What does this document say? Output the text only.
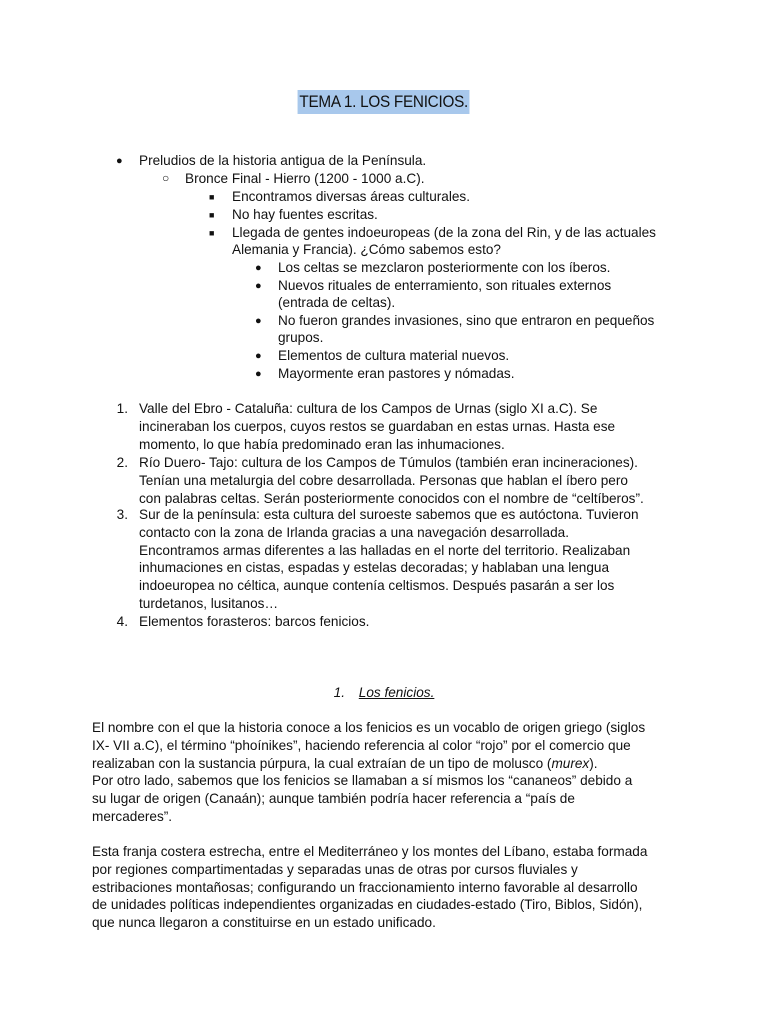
TEMA 1. LOS FENICIOS.
● Preludios de la historia antigua de la Península.
○ Bronce Final - Hierro (1200 - 1000 a.C).
■ Encontramos diversas áreas culturales.
■ No hay fuentes escritas.
■ Llegada de gentes indoeuropeas (de la zona del Rin, y de las actuales
Alemania y Francia). ¿Cómo sabemos esto?
● Los celtas se mezclaron posteriormente con los íberos.
● Nuevos rituales de enterramiento, son rituales externos
(entrada de celtas).
● No fueron grandes invasiones, sino que entraron en pequeños
grupos.
● Elementos de cultura material nuevos.
● Mayormente eran pastores y nómadas.
1. Valle del Ebro - Cataluña: cultura de los Campos de Urnas (siglo XI a.C). Se
incineraban los cuerpos, cuyos restos se guardaban en estas urnas. Hasta ese
momento, lo que había predominado eran las inhumaciones.
2. Río Duero- Tajo: cultura de los Campos de Túmulos (también eran incineraciones).
Tenían una metalurgia del cobre desarrollada. Personas que hablan el íbero pero
con palabras celtas. Serán posteriormente conocidos con el nombre de “celtíberos”.
3. Sur de la península: esta cultura del suroeste sabemos que es autóctona. Tuvieron
contacto con la zona de Irlanda gracias a una navegación desarrollada.
Encontramos armas diferentes a las halladas en el norte del territorio. Realizaban
inhumaciones en cistas, espadas y estelas decoradas; y hablaban una lengua
indoeuropea no céltica, aunque contenía celtismos. Después pasarán a ser los
turdetanos, lusitanos…
4. Elementos forasteros: barcos fenicios.
1. Los fenicios.
El nombre con el que la historia conoce a los fenicios es un vocablo de origen griego (siglos
IX- VII a.C), el término “phoínikes”, haciendo referencia al color “rojo” por el comercio que
realizaban con la sustancia púrpura, la cual extraían de un tipo de molusco (murex).
Por otro lado, sabemos que los fenicios se llamaban a sí mismos los “cananeos” debido a
su lugar de origen (Canaán); aunque también podría hacer referencia a “país de
mercaderes”.
Esta franja costera estrecha, entre el Mediterráneo y los montes del Líbano, estaba formada
por regiones compartimentadas y separadas unas de otras por cursos fluviales y
estribaciones montañosas; configurando un fraccionamiento interno favorable al desarrollo
de unidades políticas independientes organizadas en ciudades-estado (Tiro, Biblos, Sidón),
que nunca llegaron a constituirse en un estado unificado.
